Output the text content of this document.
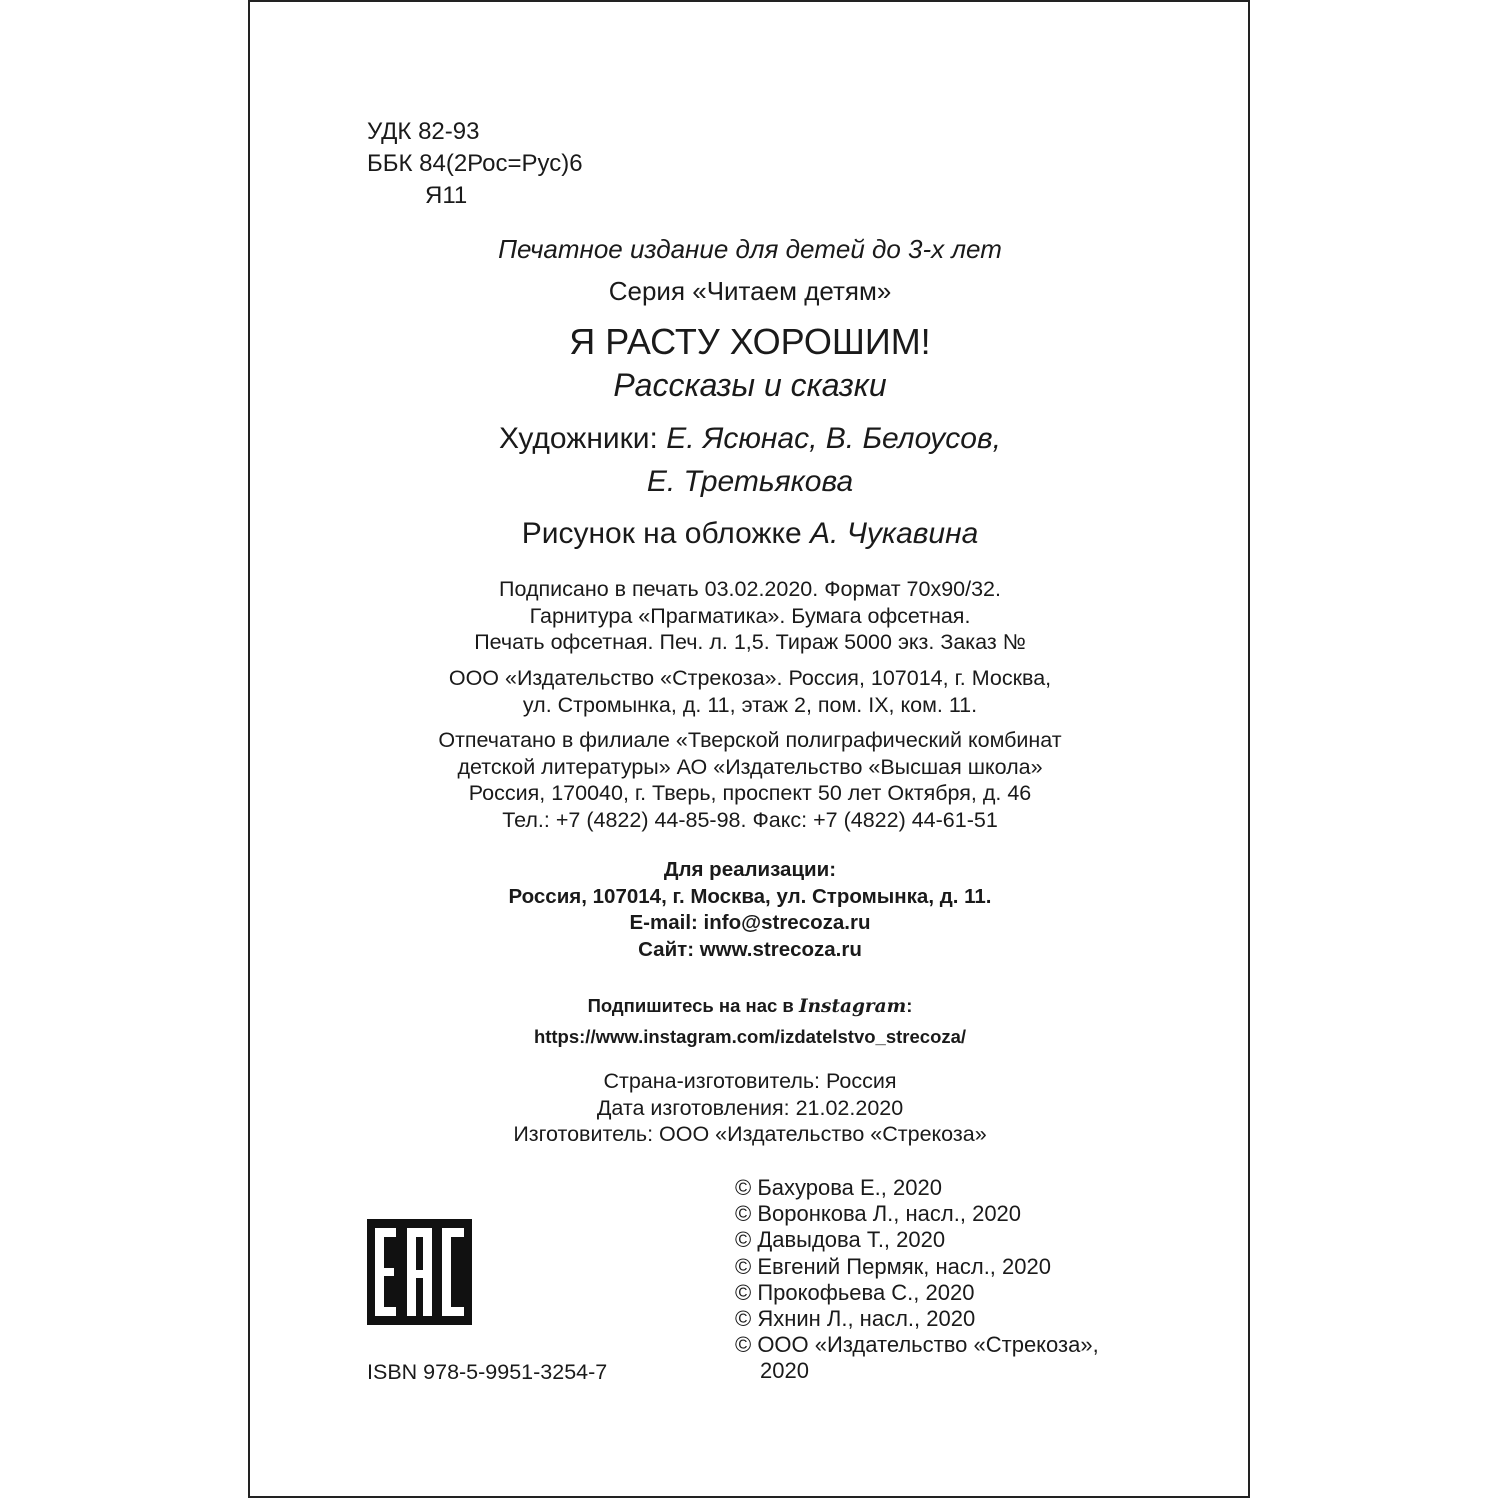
УДК 82-93
ББК 84(2Рос=Рус)6
Я11
Печатное издание для детей до 3-х лет
Серия «Читаем детям»
Я РАСТУ ХОРОШИМ!
Рассказы и сказки
Художники: Е. Ясюнас, В. Белоусов,
Е. Третьякова
Рисунок на обложке А. Чукавина
Подписано в печать 03.02.2020. Формат 70х90/32.
Гарнитура «Прагматика». Бумага офсетная.
Печать офсетная. Печ. л. 1,5. Тираж 5000 экз. Заказ №
ООО «Издательство «Стрекоза». Россия, 107014, г. Москва,
ул. Стромынка, д. 11, этаж 2, пом. IX, ком. 11.
Отпечатано в филиале «Тверской полиграфический комбинат
детской литературы» АО «Издательство «Высшая школа»
Россия, 170040, г. Тверь, проспект 50 лет Октября, д. 46
Тел.: +7 (4822) 44-85-98. Факс: +7 (4822) 44-61-51
Для реализации:
Россия, 107014, г. Москва, ул. Стромынка, д. 11.
E-mail: info@strecoza.ru
Сайт: www.strecoza.ru
Подпишитесь на нас в Instagram:
https://www.instagram.com/izdatelstvo_strecoza/
Страна-изготовитель: Россия
Дата изготовления: 21.02.2020
Изготовитель: ООО «Издательство «Стрекоза»
© Бахурова Е., 2020
© Воронкова Л., насл., 2020
© Давыдова Т., 2020
© Евгений Пермяк, насл., 2020
© Прокофьева С., 2020
© Яхнин Л., насл., 2020
© ООО «Издательство «Стрекоза»,
2020
ISBN 978-5-9951-3254-7
